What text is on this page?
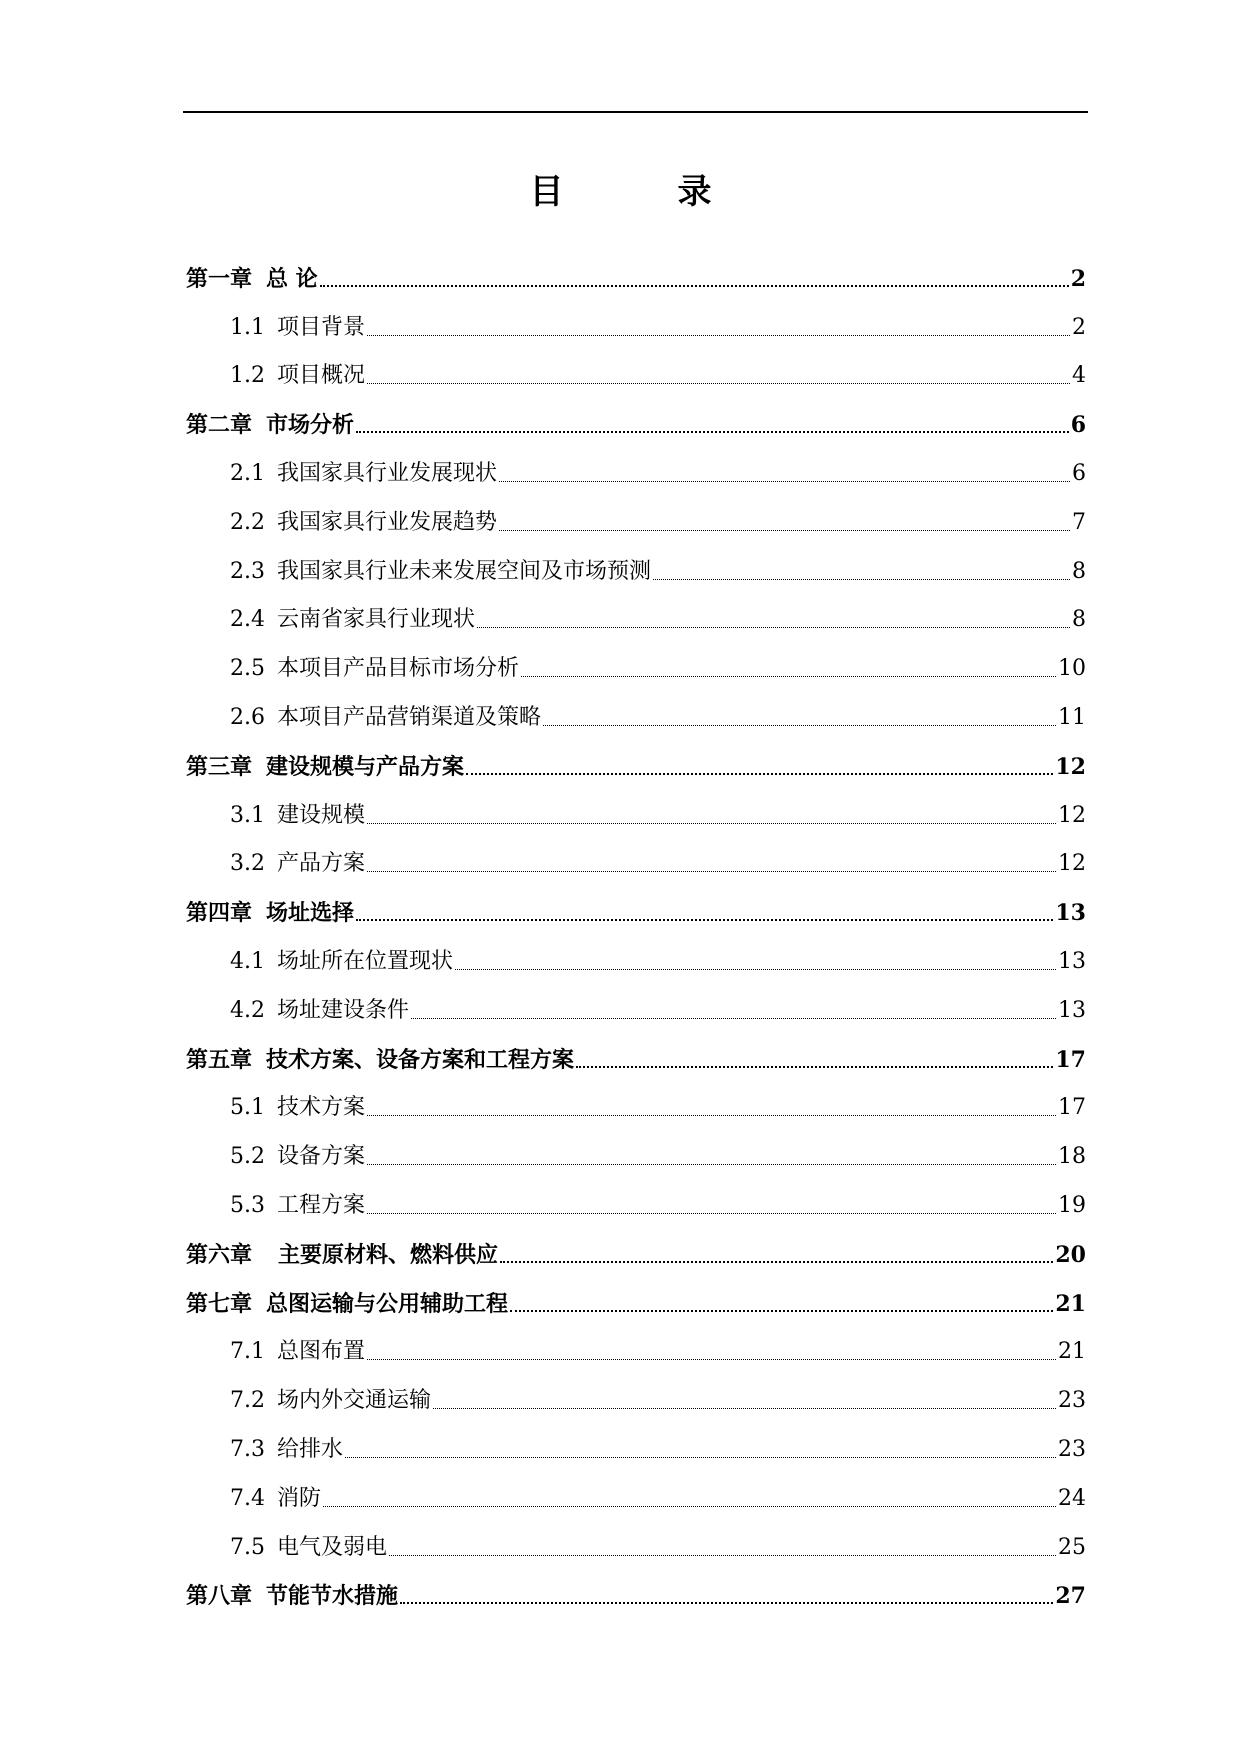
目　录
第一章 总 论	2
1.1 项目背景	2
1.2 项目概况	4
第二章 市场分析	6
2.1 我国家具行业发展现状	6
2.2 我国家具行业发展趋势	7
2.3 我国家具行业未来发展空间及市场预测	8
2.4 云南省家具行业现状	8
2.5 本项目产品目标市场分析	10
2.6 本项目产品营销渠道及策略	11
第三章 建设规模与产品方案	12
3.1 建设规模	12
3.2 产品方案	12
第四章 场址选择	13
4.1 场址所在位置现状	13
4.2 场址建设条件	13
第五章 技术方案、设备方案和工程方案	17
5.1 技术方案	17
5.2 设备方案	18
5.3 工程方案	19
第六章 主要原材料、燃料供应	20
第七章 总图运输与公用辅助工程	21
7.1 总图布置	21
7.2 场内外交通运输	23
7.3 给排水	23
7.4 消防	24
7.5 电气及弱电	25
第八章 节能节水措施	27
